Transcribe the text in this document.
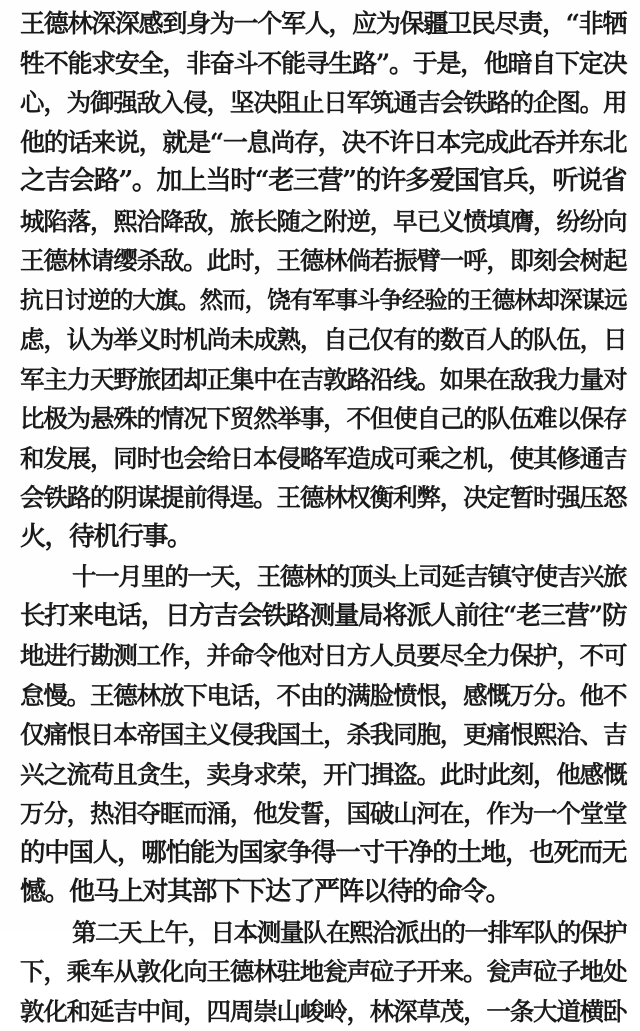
王德林深深感到身为一个军人，应为保疆卫民尽责，“非牺
牲不能求安全，非奋斗不能寻生路”。于是，他暗自下定决
心，为御强敌入侵，坚决阻止日军筑通吉会铁路的企图。用
他的话来说，就是“一息尚存，决不许日本完成此吞并东北
之吉会路”。加上当时“老三营”的许多爱国官兵，听说省
城陷落，熙洽降敌，旅长随之附逆，早已义愤填膺，纷纷向
王德林请缨杀敌。此时，王德林倘若振臂一呼，即刻会树起
抗日讨逆的大旗。然而，饶有军事斗争经验的王德林却深谋远
虑，认为举义时机尚未成熟，自己仅有的数百人的队伍，日
军主力天野旅团却正集中在吉敦路沿线。如果在敌我力量对
比极为悬殊的情况下贸然举事，不但使自己的队伍难以保存
和发展，同时也会给日本侵略军造成可乘之机，使其修通吉
会铁路的阴谋提前得逞。王德林权衡利弊，决定暂时强压怒
火，待机行事。
十一月里的一天，王德林的顶头上司延吉镇守使吉兴旅
长打来电话，日方吉会铁路测量局将派人前往“老三营”防
地进行勘测工作，并命令他对日方人员要尽全力保护，不可
怠慢。王德林放下电话，不由的满脸愤恨，感慨万分。他不
仅痛恨日本帝国主义侵我国土，杀我同胞，更痛恨熙洽、吉
兴之流苟且贪生，卖身求荣，开门揖盗。此时此刻，他感慨
万分，热泪夺眶而涌，他发誓，国破山河在，作为一个堂堂
的中国人，哪怕能为国家争得一寸干净的土地，也死而无
憾。他马上对其部下下达了严阵以待的命令。
第二天上午，日本测量队在熙洽派出的一排军队的保护
下，乘车从敦化向王德林驻地瓮声砬子开来。瓮声砬子地处
敦化和延吉中间，四周崇山峻岭，林深草茂，一条大道横卧
